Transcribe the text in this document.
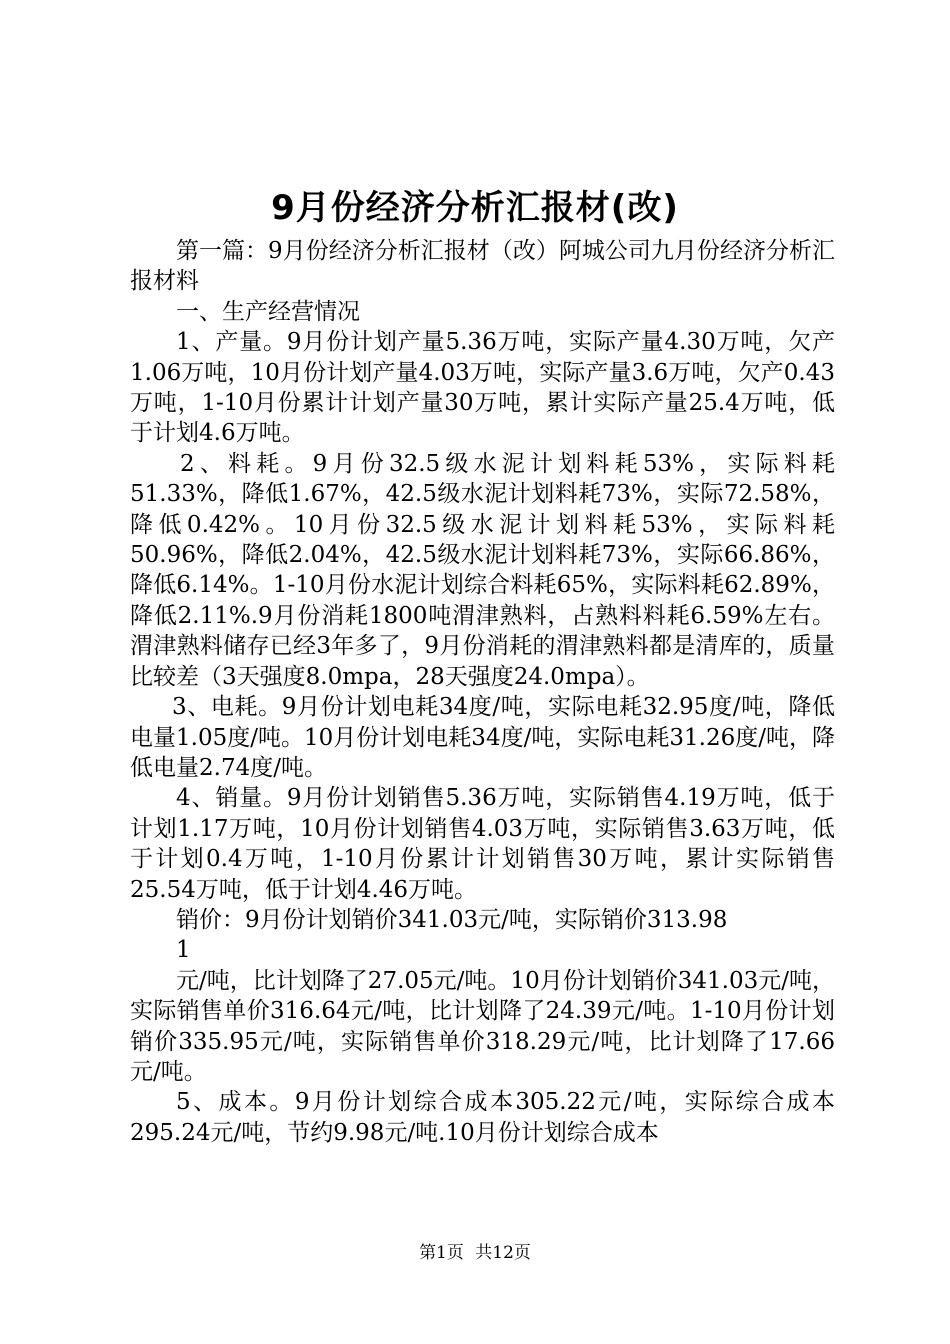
9月份经济分析汇报材(改)

第一篇：9月份经济分析汇报材（改）阿城公司九月份经济分析汇报材料

一、生产经营情况

1、产量。9月份计划产量5.36万吨，实际产量4.30万吨，欠产1.06万吨，10月份计划产量4.03万吨，实际产量3.6万吨，欠产0.43万吨，1-10月份累计计划产量30万吨，累计实际产量25.4万吨，低于计划4.6万吨。

2、料耗。9月份32.5级水泥计划料耗53%，实际料耗51.33%，降低1.67%，42.5级水泥计划料耗73%，实际72.58%，降低0.42%。10月份32.5级水泥计划料耗53%，实际料耗50.96%，降低2.04%，42.5级水泥计划料耗73%，实际66.86%，降低6.14%。1-10月份水泥计划综合料耗65%，实际料耗62.89%，降低2.11%.9月份消耗1800吨渭津熟料，占熟料料耗6.59%左右。渭津熟料储存已经3年多了，9月份消耗的渭津熟料都是清库的，质量比较差（3天强度8.0mpa，28天强度24.0mpa）。

3、电耗。9月份计划电耗34度/吨，实际电耗32.95度/吨，降低电量1.05度/吨。10月份计划电耗34度/吨，实际电耗31.26度/吨，降低电量2.74度/吨。

4、销量。9月份计划销售5.36万吨，实际销售4.19万吨，低于计划1.17万吨，10月份计划销售4.03万吨，实际销售3.63万吨，低于计划0.4万吨，1-10月份累计计划销售30万吨，累计实际销售25.54万吨，低于计划4.46万吨。

销价：9月份计划销价341.03元/吨，实际销价313.98

1

元/吨，比计划降了27.05元/吨。10月份计划销价341.03元/吨，实际销售单价316.64元/吨，比计划降了24.39元/吨。1-10月份计划销价335.95元/吨，实际销售单价318.29元/吨，比计划降了17.66元/吨。

5、成本。9月份计划综合成本305.22元/吨，实际综合成本295.24元/吨，节约9.98元/吨.10月份计划综合成本

第1页 共12页
